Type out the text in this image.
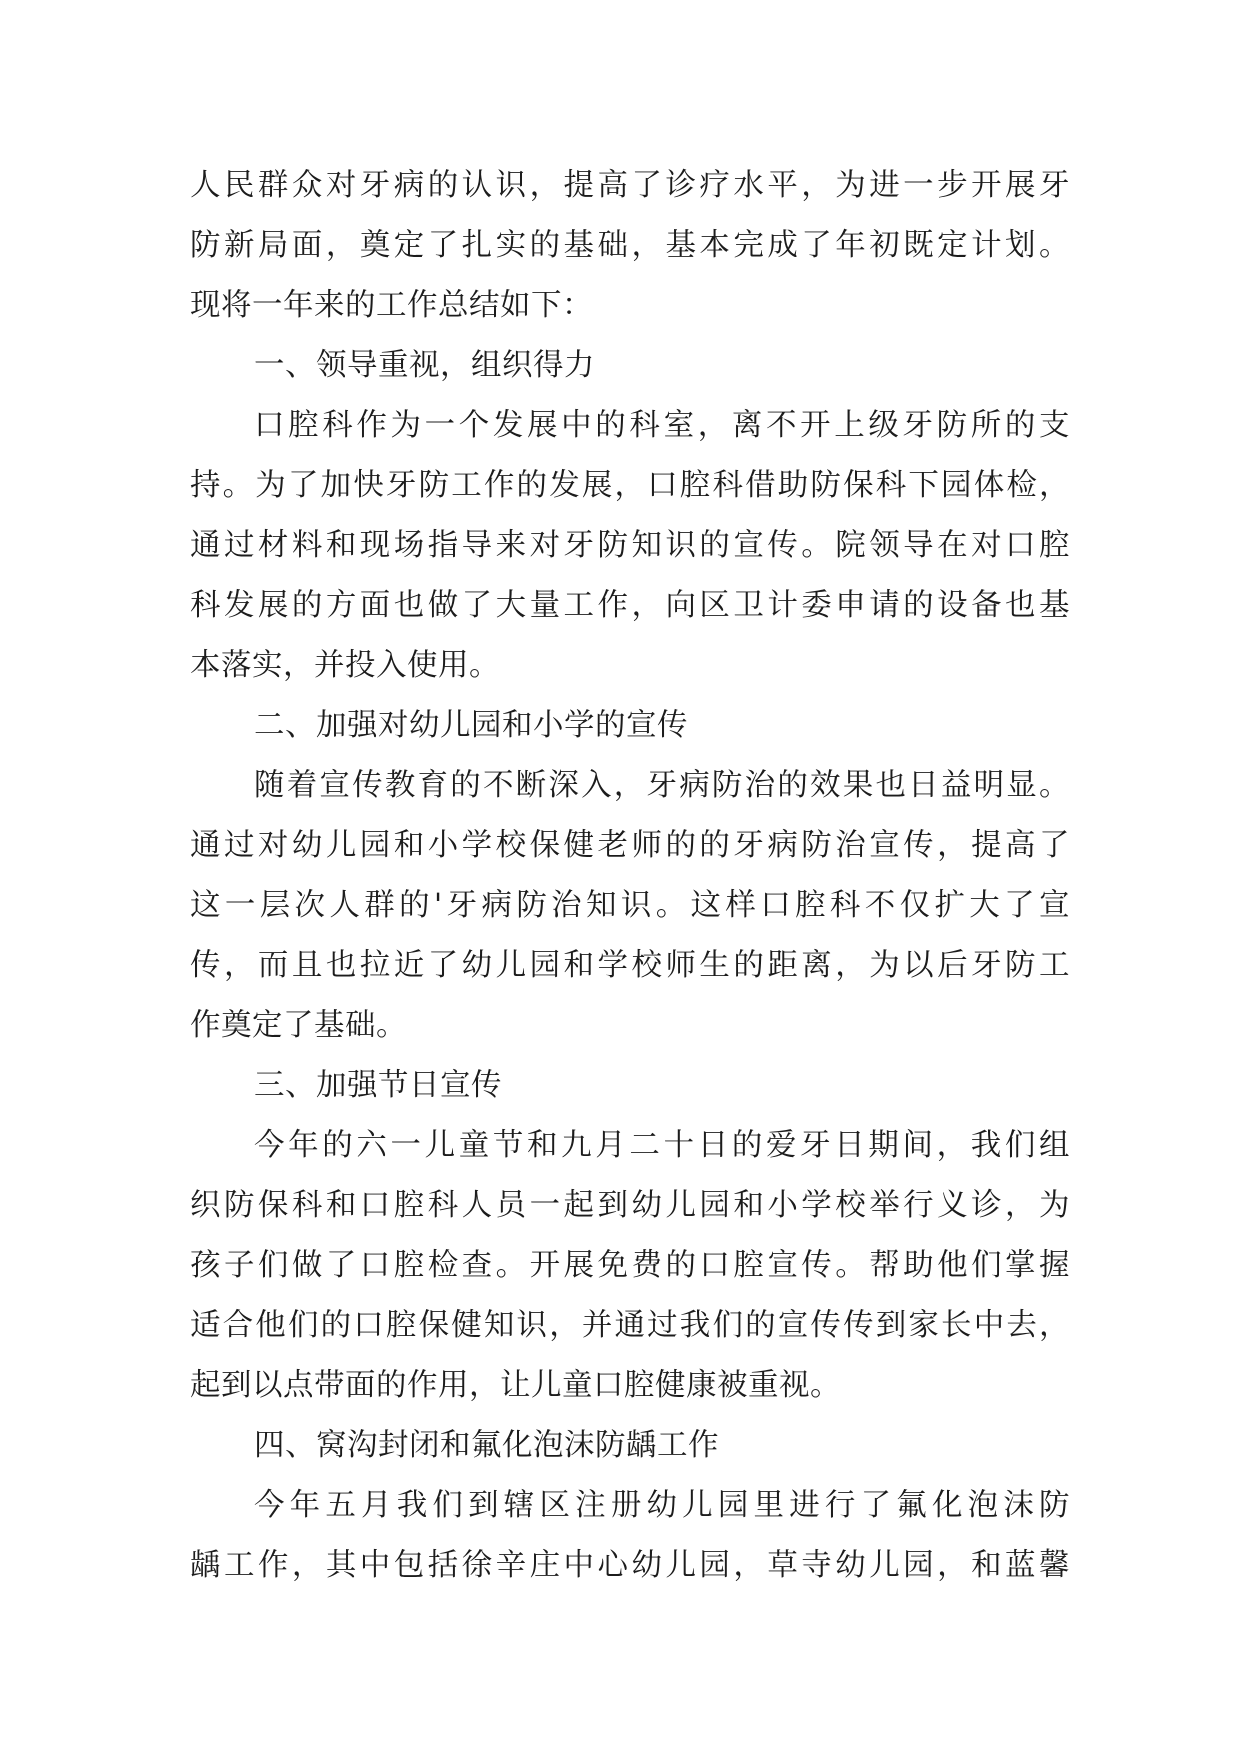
人民群众对牙病的认识，提高了诊疗水平，为进一步开展牙
防新局面，奠定了扎实的基础，基本完成了年初既定计划。
现将一年来的工作总结如下：
一、领导重视，组织得力
口腔科作为一个发展中的科室，离不开上级牙防所的支
持。为了加快牙防工作的发展，口腔科借助防保科下园体检，
通过材料和现场指导来对牙防知识的宣传。院领导在对口腔
科发展的方面也做了大量工作，向区卫计委申请的设备也基
本落实，并投入使用。
二、加强对幼儿园和小学的宣传
随着宣传教育的不断深入，牙病防治的效果也日益明显。
通过对幼儿园和小学校保健老师的的牙病防治宣传，提高了
这一层次人群的'牙病防治知识。这样口腔科不仅扩大了宣
传，而且也拉近了幼儿园和学校师生的距离，为以后牙防工
作奠定了基础。
三、加强节日宣传
今年的六一儿童节和九月二十日的爱牙日期间，我们组
织防保科和口腔科人员一起到幼儿园和小学校举行义诊，为
孩子们做了口腔检查。开展免费的口腔宣传。帮助他们掌握
适合他们的口腔保健知识，并通过我们的宣传传到家长中去，
起到以点带面的作用，让儿童口腔健康被重视。
四、窝沟封闭和氟化泡沫防龋工作
今年五月我们到辖区注册幼儿园里进行了氟化泡沫防
龋工作，其中包括徐辛庄中心幼儿园，草寺幼儿园，和蓝馨
